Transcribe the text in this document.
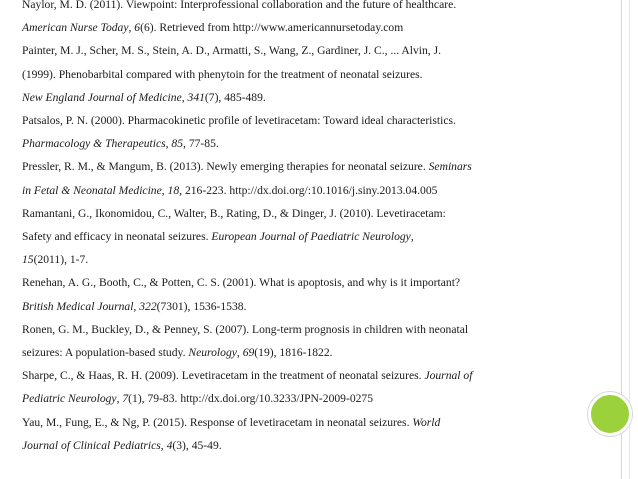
Naylor, M. D. (2011). Viewpoint: Interprofessional collaboration and the future of healthcare.
American Nurse Today, 6(6). Retrieved from http://www.americannursetoday.com
Painter, M. J., Scher, M. S., Stein, A. D., Armatti, S., Wang, Z., Gardiner, J. C., ... Alvin, J.
(1999). Phenobarbital compared with phenytoin for the treatment of neonatal seizures.
New England Journal of Medicine, 341(7), 485-489.
Patsalos, P. N. (2000). Pharmacokinetic profile of levetiracetam: Toward ideal characteristics.
Pharmacology & Therapeutics, 85, 77-85.
Pressler, R. M., & Mangum, B. (2013). Newly emerging therapies for neonatal seizure. Seminars
in Fetal & Neonatal Medicine, 18, 216-223. http://dx.doi.org/:10.1016/j.siny.2013.04.005
Ramantani, G., Ikonomidou, C., Walter, B., Rating, D., & Dinger, J. (2010). Levetiracetam:
Safety and efficacy in neonatal seizures. European Journal of Paediatric Neurology,
15(2011), 1-7.
Renehan, A. G., Booth, C., & Potten, C. S. (2001). What is apoptosis, and why is it important?
British Medical Journal, 322(7301), 1536-1538.
Ronen, G. M., Buckley, D., & Penney, S. (2007). Long-term prognosis in children with neonatal
seizures: A population-based study. Neurology, 69(19), 1816-1822.
Sharpe, C., & Haas, R. H. (2009). Levetiracetam in the treatment of neonatal seizures. Journal of
Pediatric Neurology, 7(1), 79-83. http://dx.doi.org/10.3233/JPN-2009-0275
Yau, M., Fung, E., & Ng, P. (2015). Response of levetiracetam in neonatal seizures. World
Journal of Clinical Pediatrics, 4(3), 45-49.
